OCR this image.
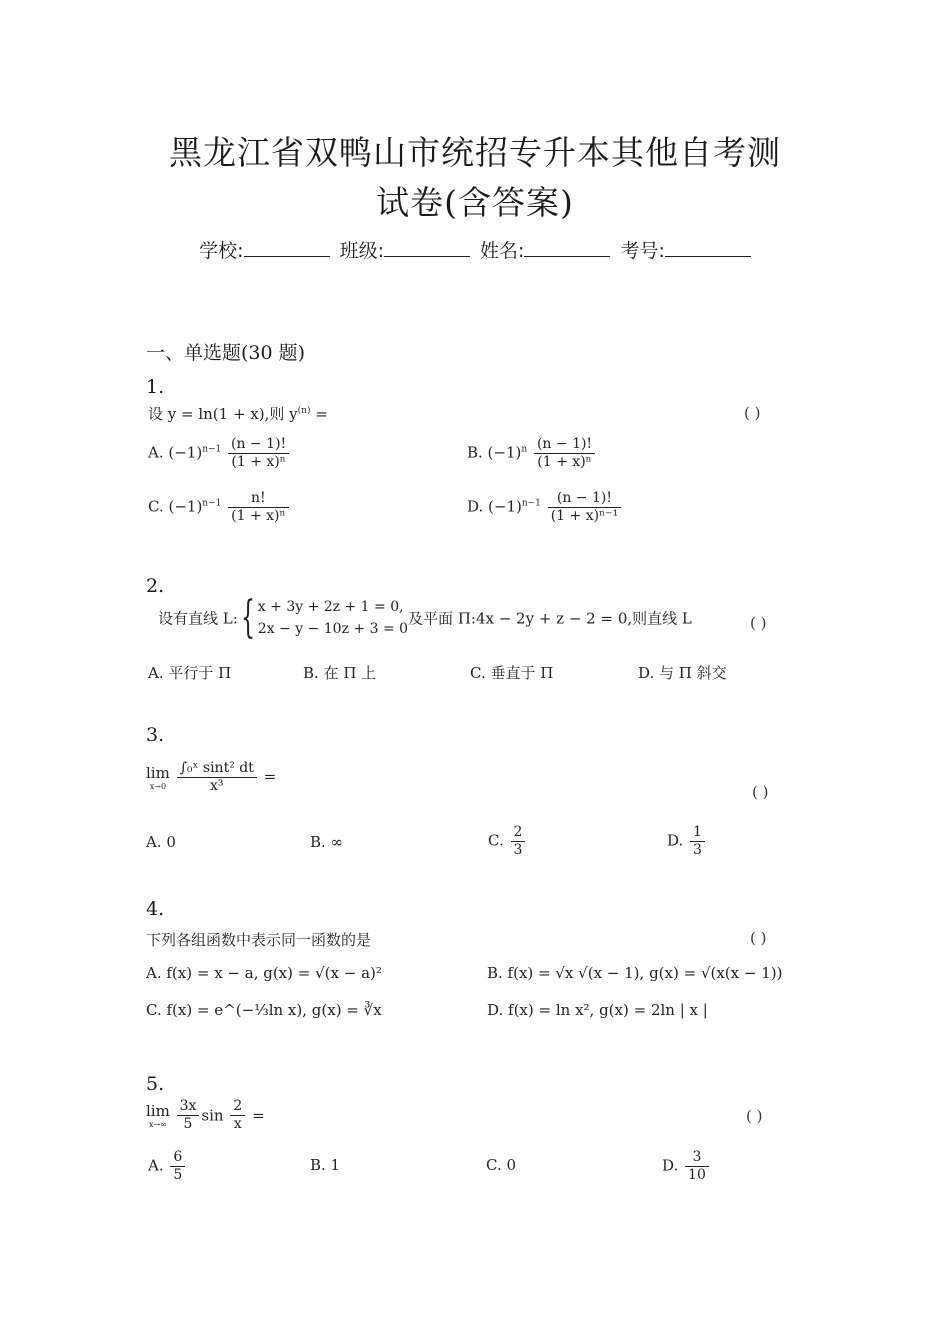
黑龙江省双鸭山市统招专升本其他自考测
试卷(含答案)
学校:	班级:	姓名:	考号:
一、单选题(30 题)
1.
设 y = ln(1 + x),则 $y^{(n)}$ =	( )
A. $(-1)^{n-1} \frac{(n - 1)!}{\text{(1 + x)ⁿ}}$	B. $(-1)^n \frac{(n - 1)!}{\text{(1 + x)ⁿ}}$
C. $(-1)^{n-1} \frac{n!}{\text{(1 + x)ⁿ}}$	D. $(-1)^{n-1} \frac{(n - 1)!}{\text{(1 + x)ⁿ⁻¹}}$
2.
设有直线 L:{ x + 3y + 2z + 1 = 0,
2x − y − 10z + 3 = 0
及平面 Π:4x − 2y + z − 2 = 0,则直线 L	( )
A. 平行于 Π	B. 在 Π 上	C. 垂直于 Π	D. 与 Π 斜交
3.
lim
x→0
$\frac{\text{∫₀ˣ sint² dt}}{\text{x³}}$ =
( )
A. 0	B. ∞	C. $\frac{2}{3}$	D. $\frac{1}{3}$
4.
下列各组函数中表示同一函数的是	( )
A. f(x) = x − a, g(x) = √(x − a)²	B. f(x) = √x √(x − 1), g(x) = √(x(x − 1))
C. f(x) = e^(−⅓ln x), g(x) = ∛x	D. f(x) = ln x², g(x) = 2ln | x |
5.
lim
x→∞
$\frac{3x}{5}$ $\sin \frac{2}{x}$ =	( )
A. $\frac{6}{5}$	B. 1	C. 0	D. $\frac{3}{10}$
